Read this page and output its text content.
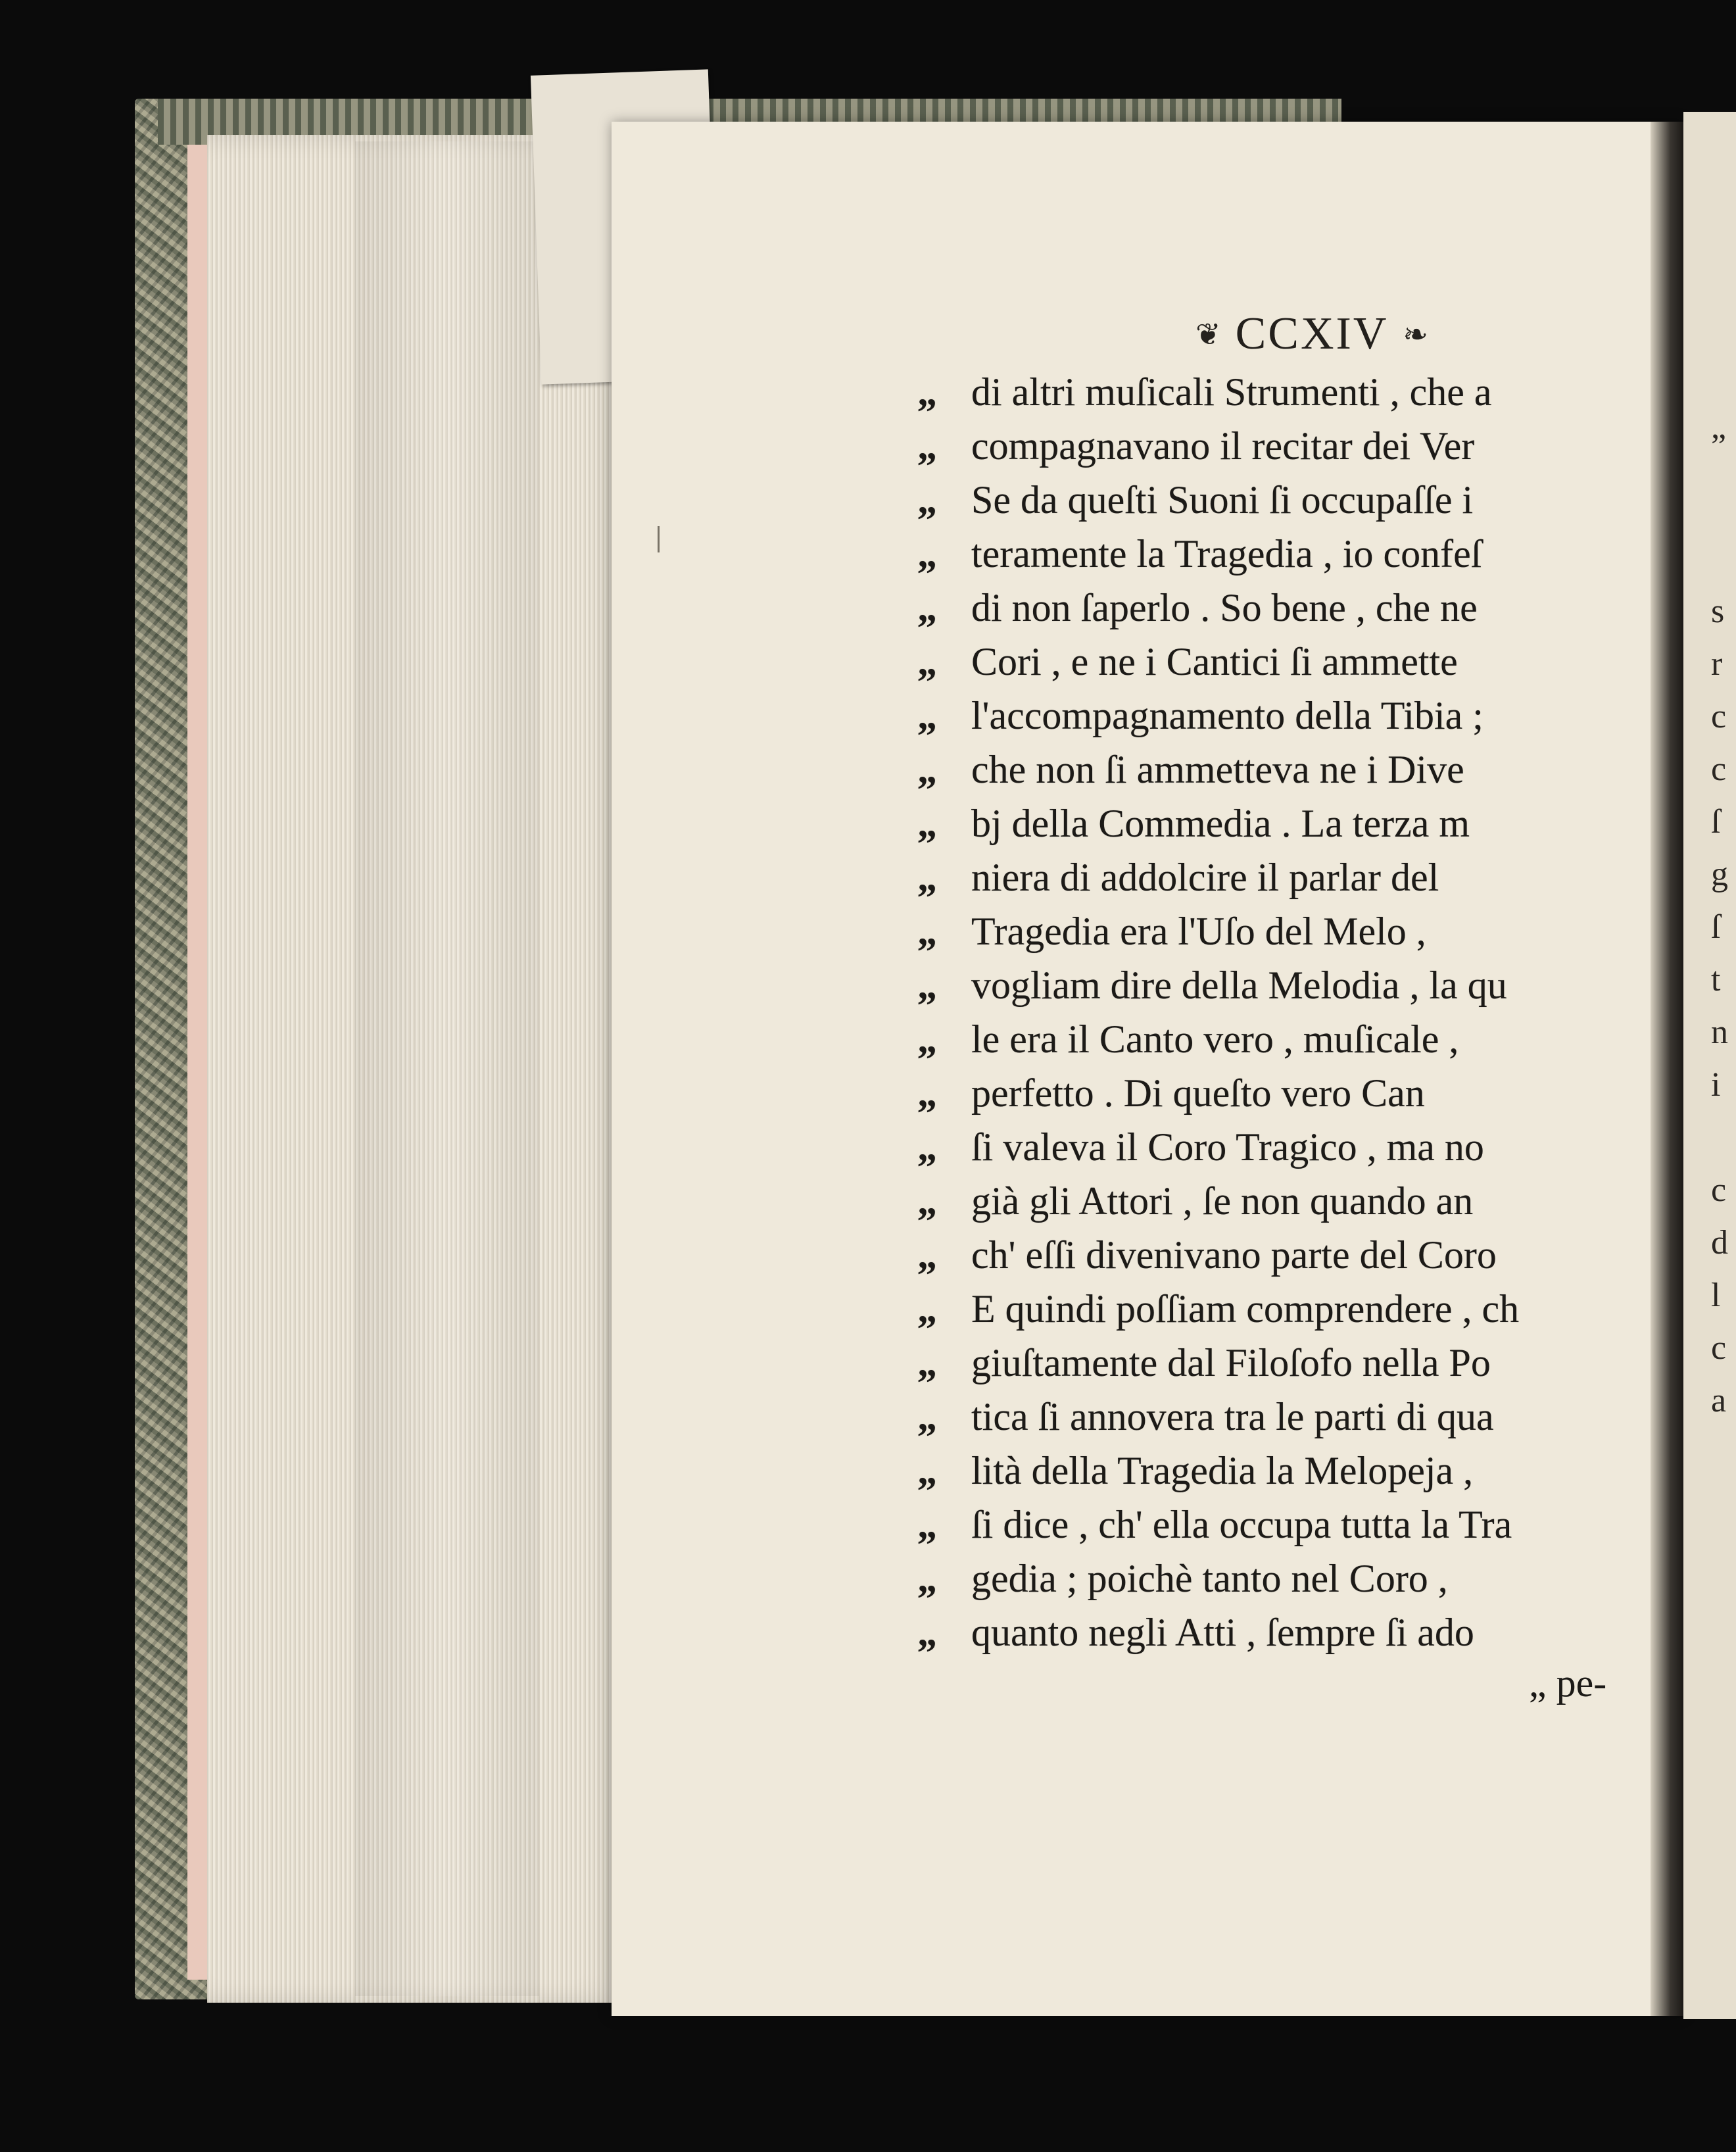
„
s
r
c
c
ſ
g
ſ
t
n
i
c
d
l
c
a
❦ CCXIV ❧
„ di altri muſicali Strumenti , che a
„ compagnavano il recitar dei Ver
„ Se da queſti Suoni ſi occupaſſe i
„ teramente la Tragedia , io confeſ
„ di non ſaperlo . So bene , che ne
„ Cori , e ne i Cantici ſi ammette
„ l'accompagnamento della Tibia ;
„ che non ſi ammetteva ne i Dive
„ bj della Commedia . La terza m
„ niera di addolcire il parlar del
„ Tragedia era l'Uſo del Melo ,
„ vogliam dire della Melodia , la qu
„ le era il Canto vero , muſicale ,
„ perfetto . Di queſto vero Can
„ ſi valeva il Coro Tragico , ma no
„ già gli Attori , ſe non quando an
„ ch' eſſi divenivano parte del Coro
„ E quindi poſſiam comprendere , ch
„ giuſtamente dal Filoſofo nella Po
„ tica ſi annovera tra le parti di qua
„ lità della Tragedia la Melopeja ,
„ ſi dice , ch' ella occupa tutta la Tra
„ gedia ; poichè tanto nel Coro ,
„ quanto negli Atti , ſempre ſi ado
„ pe-
